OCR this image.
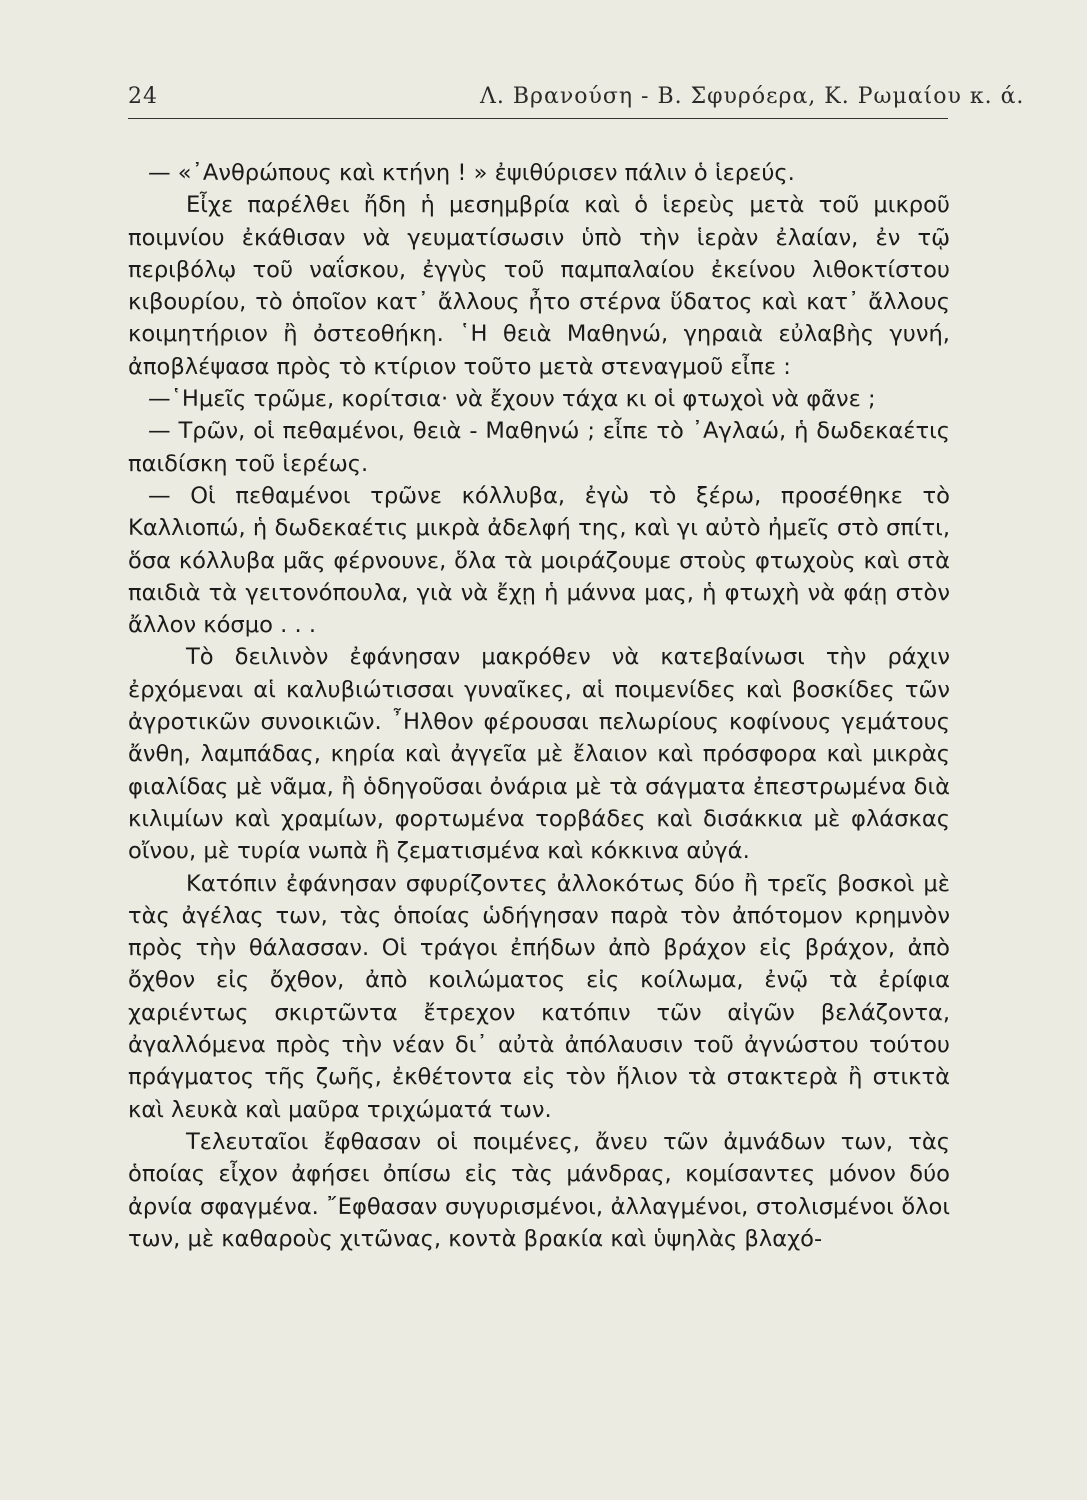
24	Λ. Βρανούση - Β. Σφυρόερα, Κ. Ρωμαίου κ. ά.

— «᾿Ανθρώπους καὶ κτήνη ! » ἐψιθύρισεν πάλιν ὁ ἱερεύς.

Εἶχε παρέλθει ἤδη ἡ μεσημβρία καὶ ὁ ἱερεὺς μετὰ τοῦ μικροῦ ποιμνίου ἐκάθισαν νὰ γευματίσωσιν ὑπὸ τὴν ἱερὰν ἐλαίαν, ἐν τῷ περιβόλῳ τοῦ ναΐσκου, ἐγγὺς τοῦ παμπαλαίου ἐκείνου λιθοκτίστου κιβουρίου, τὸ ὁποῖον κατ᾿ ἄλλους ἦτο στέρνα ὕδατος καὶ κατ᾿ ἄλλους κοιμητήριον ἢ ὀστεοθήκη. ῾Η θειὰ Μαθηνώ, γηραιὰ εὐλαβὴς γυνή, ἀποβλέψασα πρὸς τὸ κτίριον τοῦτο μετὰ στεναγμοῦ εἶπε :

—῾Ημεῖς τρῶμε, κορίτσια· νὰ ἔχουν τάχα κι οἱ φτωχοὶ νὰ φᾶνε ;

— Τρῶν, οἱ πεθαμένοι, θειὰ - Μαθηνώ ; εἶπε τὸ ᾿Αγλαώ, ἡ δωδεκαέτις παιδίσκη τοῦ ἱερέως.

— Οἱ πεθαμένοι τρῶνε κόλλυβα, ἐγὼ τὸ ξέρω, προσέθηκε τὸ Καλλιοπώ, ἡ δωδεκαέτις μικρὰ ἀδελφή της, καὶ γι αὐτὸ ἠμεῖς στὸ σπίτι, ὅσα κόλλυβα μᾶς φέρνουνε, ὅλα τὰ μοιράζουμε στοὺς φτωχοὺς καὶ στὰ παιδιὰ τὰ γειτονόπουλα, γιὰ νὰ ἔχῃ ἡ μάννα μας, ἡ φτωχὴ νὰ φάῃ στὸν ἄλλον κόσμο . . .

Τὸ δειλινὸν ἐφάνησαν μακρόθεν νὰ κατεβαίνωσι τὴν ράχιν ἐρχόμεναι αἱ καλυβιώτισσαι γυναῖκες, αἱ ποιμενίδες καὶ βοσκίδες τῶν ἀγροτικῶν συνοικιῶν. ῏Ηλθον φέρουσαι πελωρίους κοφίνους γεμάτους ἄνθη, λαμπάδας, κηρία καὶ ἀγγεῖα μὲ ἔλαιον καὶ πρόσφορα καὶ μικρὰς φιαλίδας μὲ νᾶμα, ἢ ὁδηγοῦσαι ὀνάρια μὲ τὰ σάγματα ἐπεστρωμένα διὰ κιλιμίων καὶ χραμίων, φορτωμένα τορβάδες καὶ δισάκκια μὲ φλάσκας οἴνου, μὲ τυρία νωπὰ ἢ ζεματισμένα καὶ κόκκινα αὐγά.

Κατόπιν ἐφάνησαν σφυρίζοντες ἀλλοκότως δύο ἢ τρεῖς βοσκοὶ μὲ τὰς ἀγέλας των, τὰς ὁποίας ὡδήγησαν παρὰ τὸν ἀπότομον κρημνὸν πρὸς τὴν θάλασσαν. Οἱ τράγοι ἐπήδων ἀπὸ βράχον εἰς βράχον, ἀπὸ ὄχθον εἰς ὄχθον, ἀπὸ κοιλώματος εἰς κοίλωμα, ἐνῷ τὰ ἐρίφια χαριέντως σκιρτῶντα ἔτρεχον κατόπιν τῶν αἰγῶν βελάζοντα, ἀγαλλόμενα πρὸς τὴν νέαν δι᾿ αὐτὰ ἀπόλαυσιν τοῦ ἀγνώστου τούτου πράγματος τῆς ζωῆς, ἐκθέτοντα εἰς τὸν ἥλιον τὰ στακτερὰ ἢ στικτὰ καὶ λευκὰ καὶ μαῦρα τριχώματά των.

Τελευταῖοι ἔφθασαν οἱ ποιμένες, ἄνευ τῶν ἀμνάδων των, τὰς ὁποίας εἶχον ἀφήσει ὀπίσω εἰς τὰς μάνδρας, κομίσαντες μόνον δύο ἀρνία σφαγμένα. ῎Εφθασαν συγυρισμένοι, ἀλλαγμένοι, στολισμένοι ὅλοι των, μὲ καθαροὺς χιτῶνας, κοντὰ βρακία καὶ ὑψηλὰς βλαχό-
